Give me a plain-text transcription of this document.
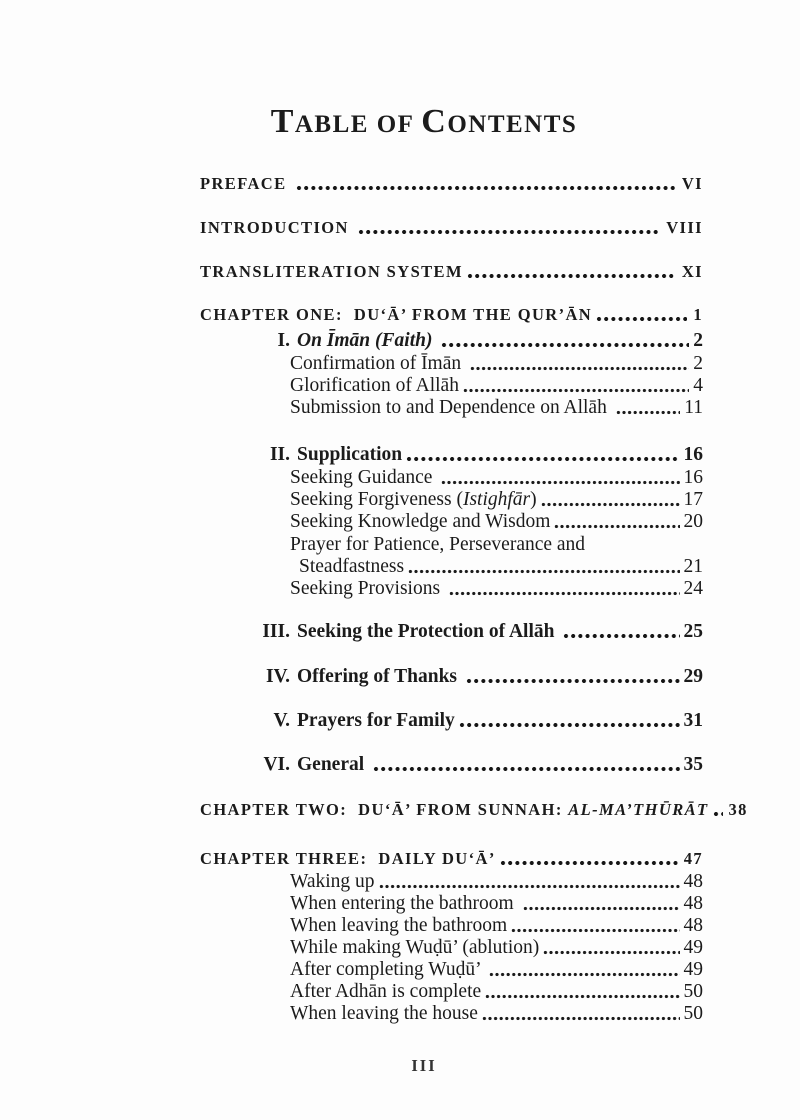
TABLE OF CONTENTS
PREFACE	VI
INTRODUCTION	VIII
TRANSLITERATION SYSTEM	XI
CHAPTER ONE:  DU‘Ā’ FROM THE QUR’ĀN	1
I. On Īmān (Faith)	2
Confirmation of Īmān	2
Glorification of Allāh	4
Submission to and Dependence on Allāh	11
II. Supplication	16
Seeking Guidance	16
Seeking Forgiveness (Istighfār)	17
Seeking Knowledge and Wisdom	20
Prayer for Patience, Perseverance and
Steadfastness	21
Seeking Provisions	24
III. Seeking the Protection of Allāh	25
IV. Offering of Thanks	29
V. Prayers for Family	31
VI. General	35
CHAPTER TWO:  DU‘Ā’ FROM SUNNAH: AL-MA’THŪRĀT 38
CHAPTER THREE:  DAILY DU‘Ā’	47
Waking up	48
When entering the bathroom	48
When leaving the bathroom	48
While making Wuḍū’ (ablution)	49
After completing Wuḍū’	49
After Adhān is complete	50
When leaving the house	50
III
